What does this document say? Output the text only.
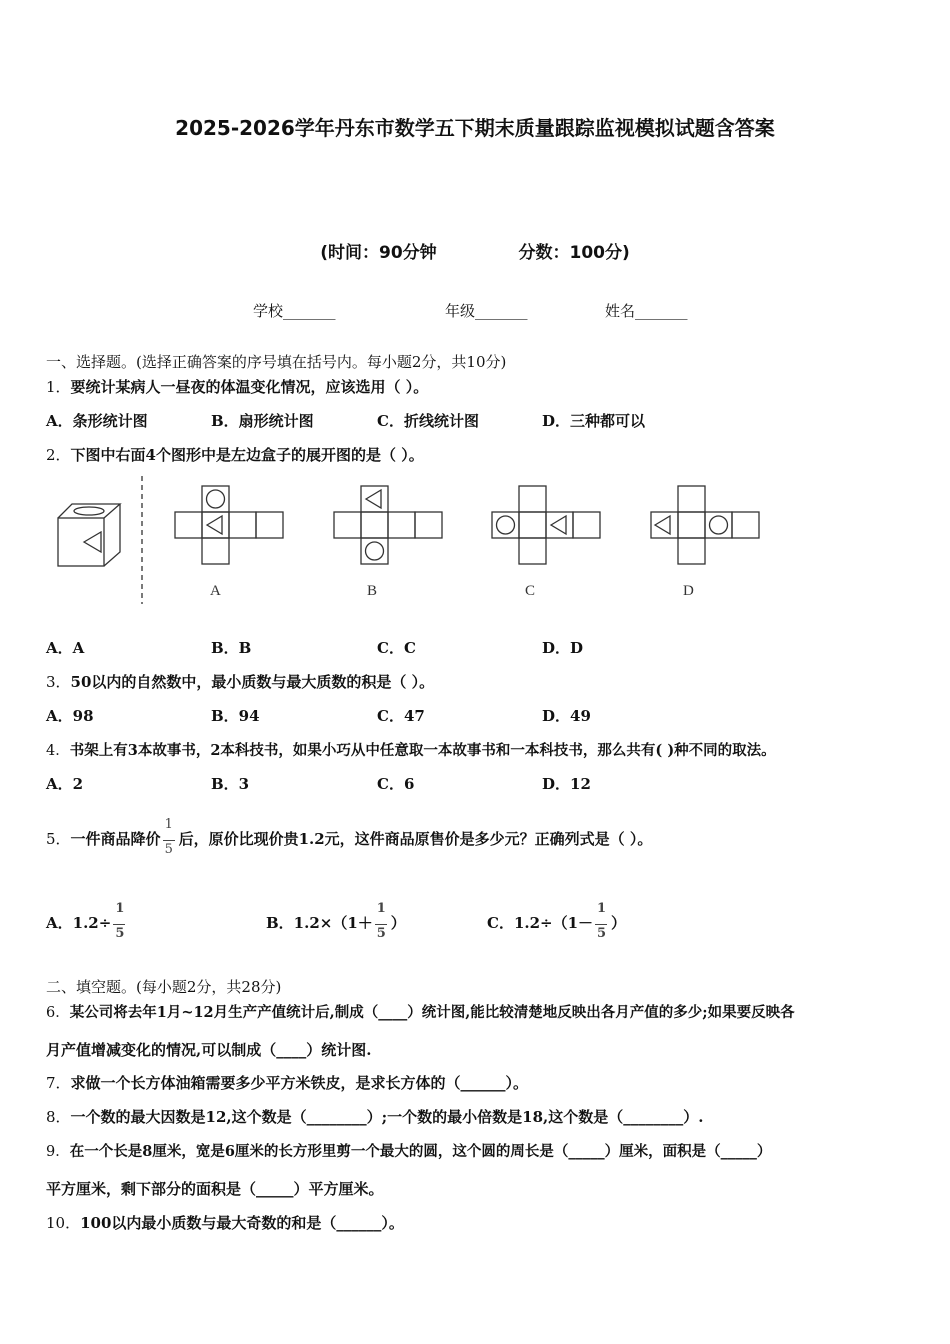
2025-2026学年丹东市数学五下期末质量跟踪监视模拟试题含答案
(时间：90分钟	分数：100分)
学校_______	年级_______	姓名_______
一、选择题。(选择正确答案的序号填在括号内。每小题2分，共10分)
1．要统计某病人一昼夜的体温变化情况，应该选用（ ）。
A．条形统计图	B．扇形统计图	C．折线统计图	D．三种都可以
2．下图中右面4个图形中是左边盒子的展开图的是（ ）。
A	B	C	D
A．A	B．B	C．C	D．D
3．50以内的自然数中，最小质数与最大质数的积是（ ）。
A．98	B．94	C．47	D．49
4．书架上有3本故事书，2本科技书，如果小巧从中任意取一本故事书和一本科技书，那么共有( )种不同的取法。
A．2	B．3	C．6	D．12
5．一件商品降价 $\frac{1}{5}$ 后，原价比现价贵1.2元，这件商品原售价是多少元？正确列式是（ ）。
A．$1.2\div \frac{1}{5}$	B．$1.2\times(1+ \frac{1}{5}$ ）	C．$1.2\div(1- \frac{1}{5}$ ）
二、填空题。(每小题2分，共28分)
6．某公司将去年1月~12月生产产值统计后,制成（____）统计图,能比较清楚地反映出各月产值的多少;如果要反映各
月产值增减变化的情况,可以制成（____）统计图.
7．求做一个长方体油箱需要多少平方米铁皮，是求长方体的（______）。
8．一个数的最大因数是12,这个数是（________）;一个数的最小倍数是18,这个数是（________）.
9．在一个长是8厘米，宽是6厘米的长方形里剪一个最大的圆，这个圆的周长是（_____）厘米，面积是（_____）
平方厘米，剩下部分的面积是（_____）平方厘米。
10．100以内最小质数与最大奇数的和是（______）。
